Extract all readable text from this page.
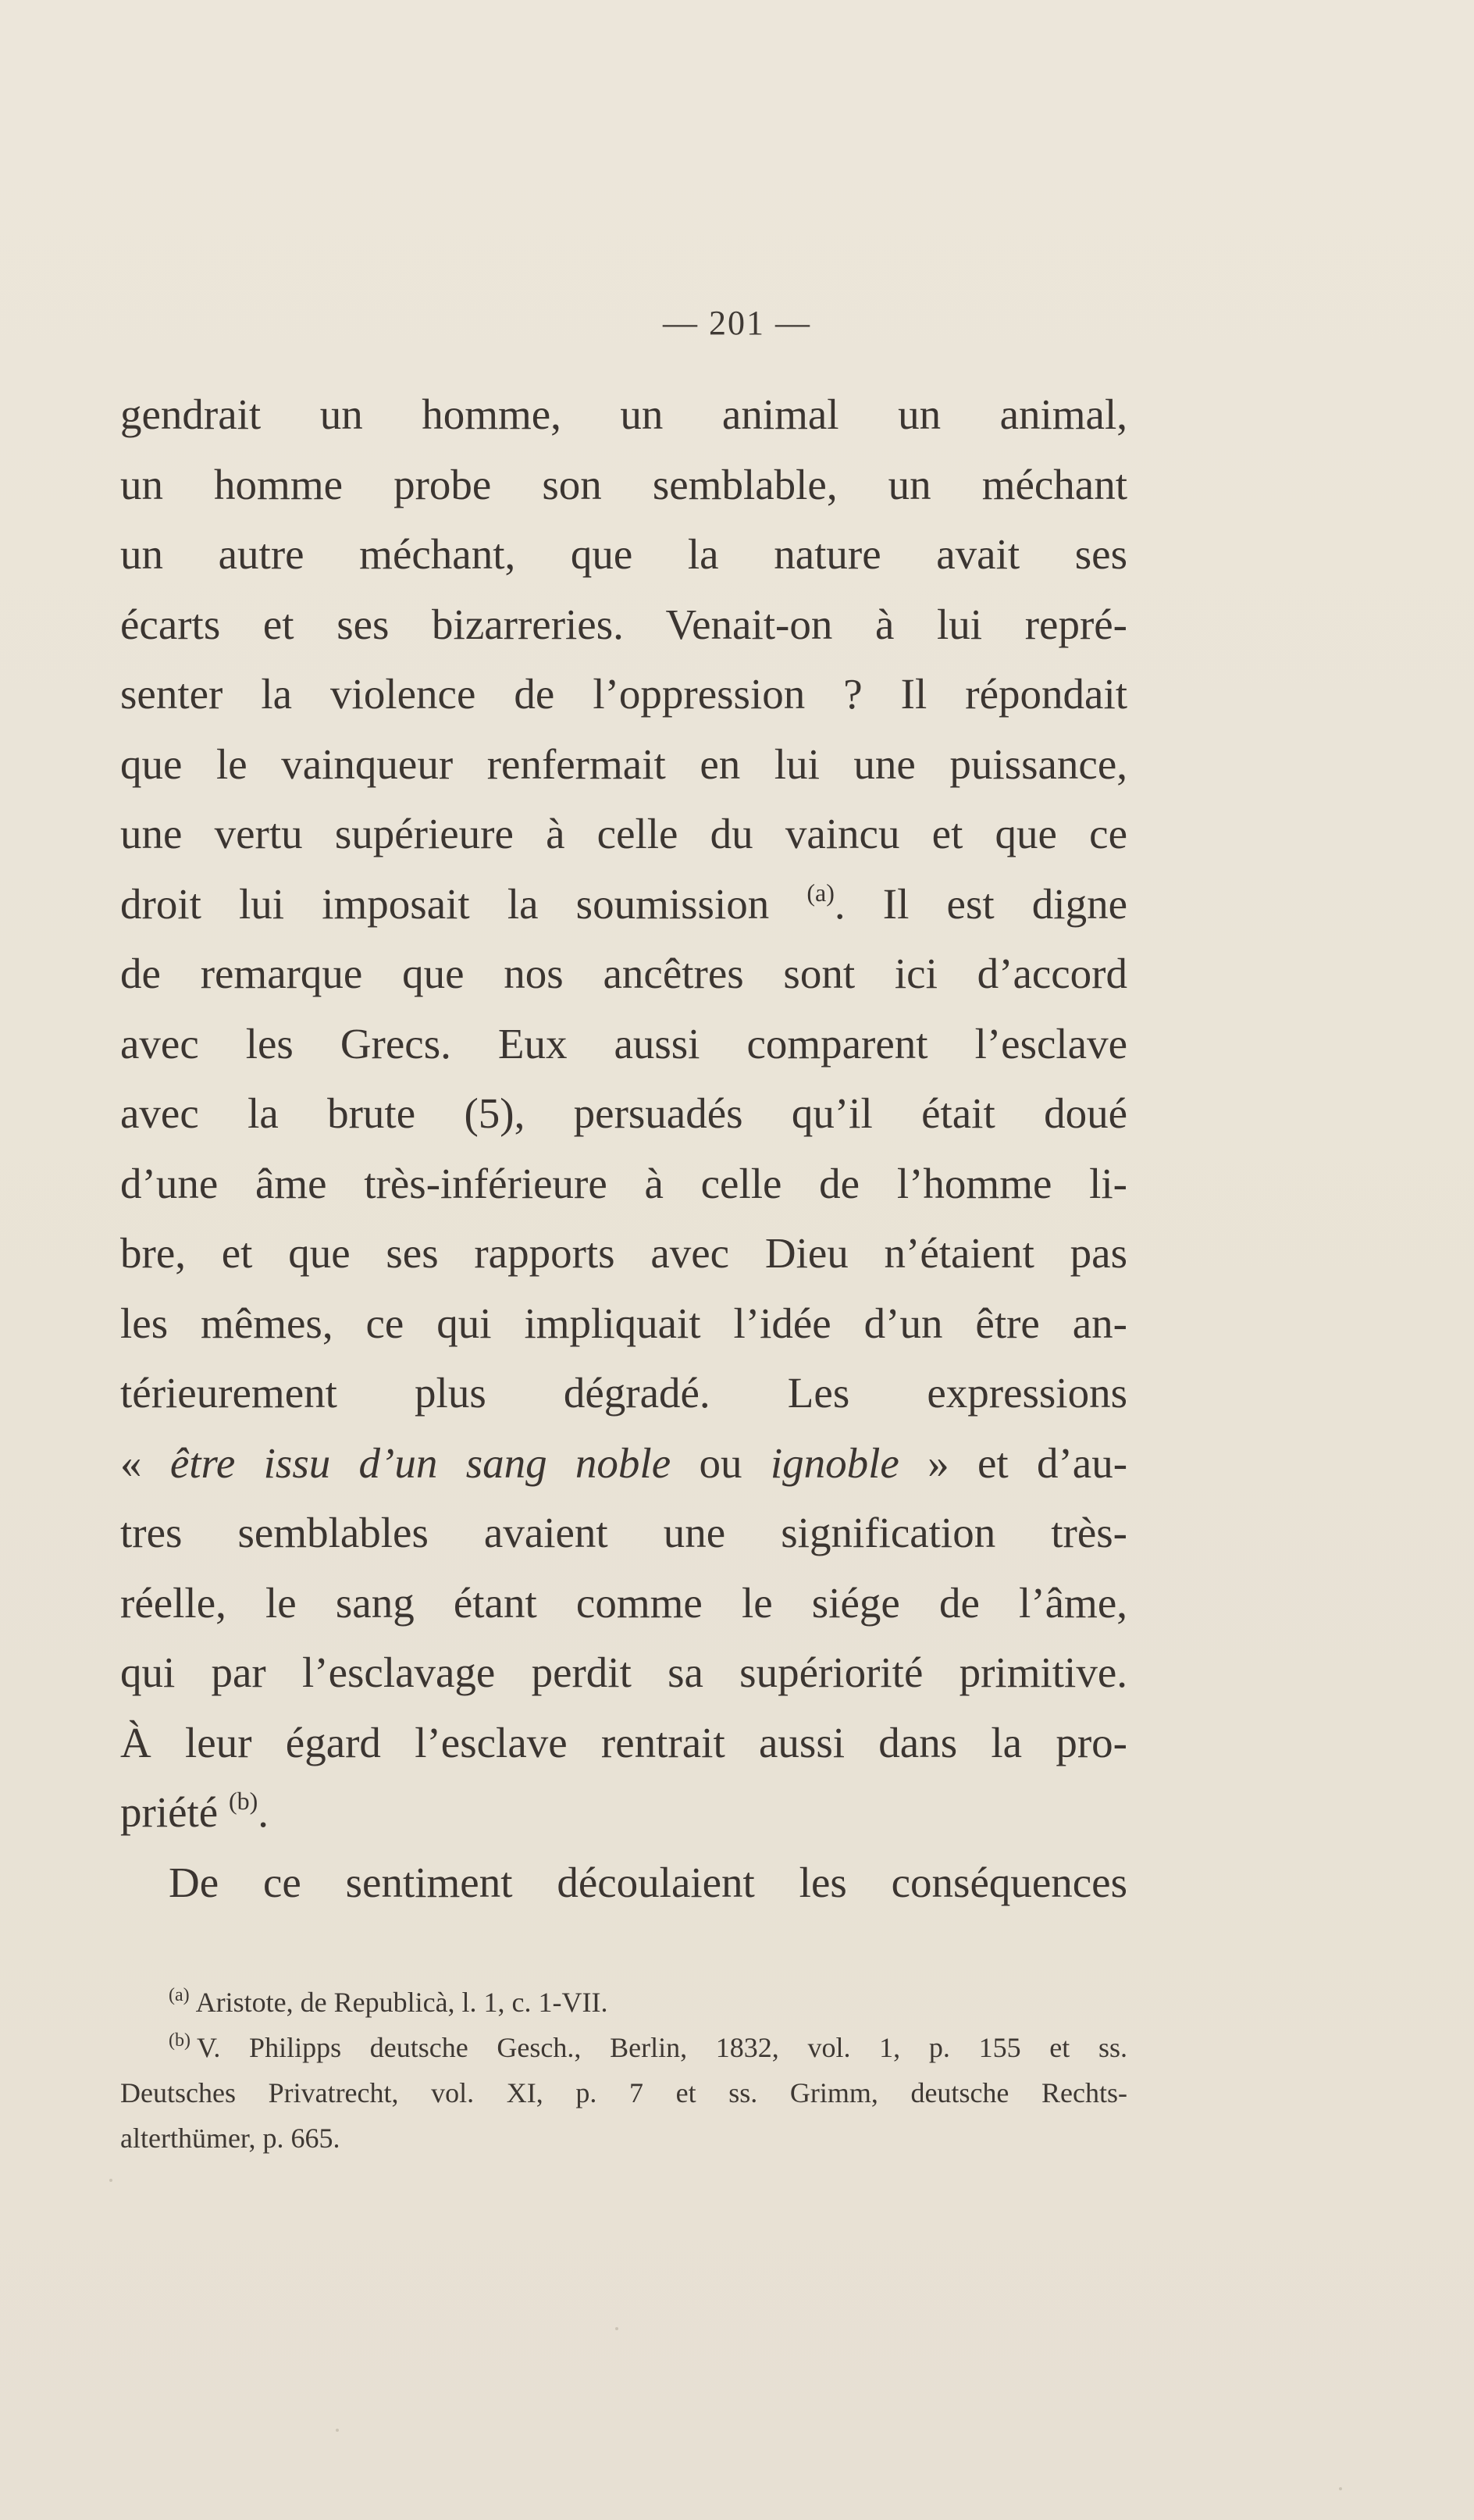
— 201 —

gendrait un homme, un animal un animal,
un homme probe son semblable, un méchant
un autre méchant, que la nature avait ses
écarts et ses bizarreries. Venait-on à lui repré-
senter la violence de l’oppression ? Il répondait
que le vainqueur renfermait en lui une puissance,
une vertu supérieure à celle du vaincu et que ce
droit lui imposait la soumission $^{(a)}$. Il est digne
de remarque que nos ancêtres sont ici d’accord
avec les Grecs. Eux aussi comparent l’esclave
avec la brute (5), persuadés qu’il était doué
d’une âme très-inférieure à celle de l’homme li-
bre, et que ses rapports avec Dieu n’étaient pas
les mêmes, ce qui impliquait l’idée d’un être an-
térieurement plus dégradé. Les expressions
« être issu d’un sang noble ou ignoble » et d’au-
tres semblables avaient une signification très-
réelle, le sang étant comme le siége de l’âme,
qui par l’esclavage perdit sa supériorité primitive.
À leur égard l’esclave rentrait aussi dans la pro-
priété $^{(b)}$.
De ce sentiment découlaient les conséquences
$^{(a)}$ Aristote, de Republicà, l. 1, c. 1-VII.
$^{(b)}$ V. Philipps deutsche Gesch., Berlin, 1832, vol. 1, p. 155 et ss.
Deutsches Privatrecht, vol. XI, p. 7 et ss. Grimm, deutsche Rechts-
alterthümer, p. 665.
